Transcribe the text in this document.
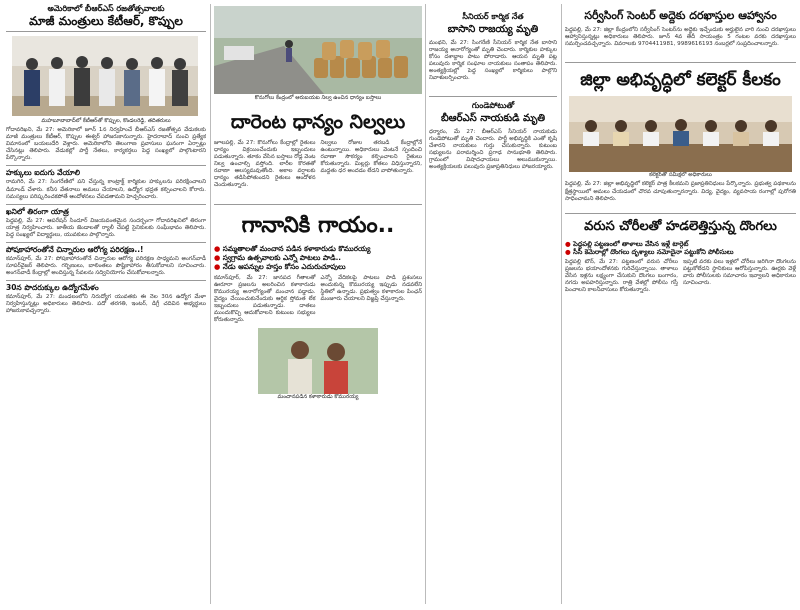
అమెరికాలో బీఆర్ఎస్ రజతోత్సవాలకు
మాజీ మంత్రులు కేటీఆర్, కొప్పుల
మహబూబాబాద్‌లో కేటీఆర్‌తో కొప్పుల, కొండలరెడ్డి, తదితరులు
గోదావరిఖని, మే 27: అమెరికాలో జూన్ 1న నిర్వహించే బీఆర్ఎస్ రజతోత్సవ వేడుకలకు మాజీ మంత్రులు కేటీఆర్, కొప్పుల ఈశ్వర్ హాజరుకానున్నారు. హైదరాబాద్ నుంచి ప్రత్యేక విమానంలో బయలుదేరి వెళ్లారు. అమెరికాలోని తెలంగాణ ప్రవాసులు ఘనంగా ఏర్పాట్లు చేసినట్లు తెలిపారు. వేడుకల్లో పార్టీ నేతలు, కార్యకర్తలు పెద్ద సంఖ్యలో పాల్గొంటారని పేర్కొన్నారు.
హక్కులు ఐదుగు వేయాలి
రామగిరి, మే 27: సింగరేణిలో పని చేస్తున్న కాంట్రాక్ట్ కార్మికుల హక్కులను పరిరక్షించాలని డిమాండ్ చేశారు. కనీస వేతనాలు అమలు చేయాలని, ఉద్యోగ భద్రత కల్పించాలని కోరారు. సమస్యలు పరిష్కరించకపోతే ఆందోళనలు చేపడతామని హెచ్చరించారు.
ఖనిలో తిరంగా యాత్ర
పెద్దపల్లి, మే 27: ఆపరేషన్ సిందూర్ విజయవంతమైన సందర్భంగా గోదావరిఖనిలో తిరంగా యాత్ర నిర్వహించారు. జాతీయ జెండాలతో ర్యాలీ చేపట్టి సైనికులకు సంఘీభావం తెలిపారు. పెద్ద సంఖ్యలో విద్యార్థులు, యువకులు పాల్గొన్నారు.
పోషకాహారంతోనే చిన్నారుల ఆరోగ్య పరిరక్షణ..!
కమాన్‌పూర్, మే 27: పోషకాహారంతోనే చిన్నారుల ఆరోగ్య పరిరక్షణ సాధ్యమని అంగన్‌వాడీ సూపర్‌వైజర్ తెలిపారు. గర్భిణులు, బాలింతలు పౌష్టికాహారం తీసుకోవాలని సూచించారు. అంగన్‌వాడీ కేంద్రాల్లో అందిస్తున్న సేవలను సద్వినియోగం చేసుకోవాలన్నారు.
30న పొదరుక్కుల ఉద్యోగమేళం
కమాన్‌పూర్, మే 27: మండలంలోని నిరుద్యోగ యువతకు ఈ నెల 30న ఉద్యోగ మేళా నిర్వహిస్తున్నట్లు అధికారులు తెలిపారు. పదో తరగతి, ఇంటర్, డిగ్రీ చదివిన అభ్యర్థులు హాజరుకావచ్చన్నారు.
కొనుగోలు కేంద్రంలో ఆరుబయట నిల్వ ఉంచిన ధాన్యం బస్తాలు
దారెంట ధాన్యం నిల్వలు
జూలపల్లి, మే 27: కొనుగోలు కేంద్రాల్లో రైతులు ధాన్యం విక్రయించేందుకు ఇబ్బందులు పడుతున్నారు. తూకం వేసిన బస్తాలు రోడ్ల వెంట నిల్వ ఉంచాల్సి వస్తోంది. లారీల కొరతతో రవాణా ఆలస్యమవుతోంది. అకాల వర్షాలకు ధాన్యం తడిసిపోతుందని రైతులు ఆందోళన చెందుతున్నారు.
నిల్వలు రోజుల తరబడి కేంద్రాల్లోనే ఉంటున్నాయి. అధికారులు వెంటనే స్పందించి రవాణా సౌకర్యం కల్పించాలని రైతులు కోరుతున్నారు. మిల్లర్లు కోతలు విధిస్తున్నారని, మద్దతు ధర అందడం లేదని వాపోతున్నారు.
గానానికి గాయం..
● సమ్మతాలతో మంచాన పడిన కళాకారుడు కొమురయ్య
● స్వగ్రామ ఉత్సవాలకు ఎన్నో పాటలు పాడి..
● నేడు ఆపన్నుల హస్తం కోసం ఎదురుచూపులు
కమాన్‌పూర్, మే 27: జానపద గీతాలతో ఊరూరా ప్రజలను అలరించిన కళాకారుడు కొమురయ్య అనారోగ్యంతో మంచాన పడ్డాడు. వైద్యం చేయించుకునేందుకు ఆర్థిక స్తోమత లేక ఇబ్బందులు పడుతున్నాడు. దాతలు ముందుకొచ్చి ఆదుకోవాలని కుటుంబ సభ్యులు కోరుతున్నారు.
ఎన్నో వేదికలపై పాటలు పాడి ప్రశంసలు అందుకున్న కొమురయ్య ఇప్పుడు నడవలేని స్థితిలో ఉన్నాడు. ప్రభుత్వం కళాకారుల పింఛన్ మంజూరు చేయాలని విజ్ఞప్తి చేస్తున్నారు.
మంచానపడిన కళాకారుడు కొమురయ్య
సీనియర్ కార్మిక నేత
బాసాని రాజయ్య మృతి
మంథని, మే 27: సింగరేణి సీనియర్ కార్మిక నేత బాసాని రాజయ్య అనారోగ్యంతో మృతి చెందారు. కార్మికుల హక్కుల కోసం దశాబ్దాల పాటు పోరాడారు. ఆయన మృతి పట్ల పలువురు కార్మిక సంఘాల నాయకులు సంతాపం తెలిపారు. అంత్యక్రియల్లో పెద్ద సంఖ్యలో కార్మికులు పాల్గొని నివాళులర్పించారు.
గుండెపోటుతో
బీఆర్ఎస్ నాయకుడి మృతి
ధర్మారం, మే 27: బీఆర్ఎస్ సీనియర్ నాయకుడు గుండెపోటుతో మృతి చెందారు. పార్టీ అభివృద్ధికి ఎంతో కృషి చేశారని నాయకులు గుర్తు చేసుకున్నారు. కుటుంబ సభ్యులను పరామర్శించి ప్రగాఢ సానుభూతి తెలిపారు. గ్రామంలో విషాదఛాయలు అలుముకున్నాయి. అంత్యక్రియలకు పలువురు ప్రజాప్రతినిధులు హాజరయ్యారు.
సర్వీసింగ్ సెంటర్ అద్దెకు దరఖాస్తుల ఆహ్వానం
పెద్దపల్లి, మే 27: జిల్లా కేంద్రంలోని సర్వీసింగ్ సెంటర్‌ను అద్దెకు ఇచ్చేందుకు అర్హులైన వారి నుంచి దరఖాస్తులు ఆహ్వానిస్తున్నట్లు అధికారులు తెలిపారు. జూన్ 4వ తేదీ సాయంత్రం 5 గంటల వరకు దరఖాస్తులు సమర్పించవచ్చన్నారు. వివరాలకు 9704411981, 9989616193 నంబర్లలో సంప్రదించాలన్నారు.
జిల్లా అభివృద్ధిలో కలెక్టర్ కీలకం
కలెక్టర్‌తో సమీక్షలో అధికారులు
పెద్దపల్లి, మే 27: జిల్లా అభివృద్ధిలో కలెక్టర్ పాత్ర కీలకమని ప్రజాప్రతినిధులు పేర్కొన్నారు. ప్రభుత్వ పథకాలను క్షేత్రస్థాయిలో అమలు చేయడంలో చొరవ చూపుతున్నారన్నారు. విద్య, వైద్యం, వ్యవసాయ రంగాల్లో పురోగతి సాధించామని తెలిపారు.
వరుస చోరీలతో హడలెత్తిస్తున్న దొంగలు
● పెద్దపల్లి పట్టణంలో తాళాలు వేసిన ఇళ్లే టార్గెట్
● సీసీ కెమెరాల్లో దొంగలు దృశ్యాలు నమోదైనా పట్టుకోని పోలీసులు
పెద్దపల్లి టౌన్, మే 27: పట్టణంలో వరుస చోరీలు ప్రజలను భయాందోళనకు గురిచేస్తున్నాయి. తాళాలు వేసిన ఇళ్లను లక్ష్యంగా చేసుకుని దొంగలు బంగారం, నగదు అపహరిస్తున్నారు. రాత్రి వేళల్లో పోలీసు గస్తీ పెంచాలని కాలనీవాసులు కోరుతున్నారు.
ఇప్పటి వరకు పలు ఇళ్లలో చోరీలు జరిగినా దొంగలను పట్టుకోలేదని స్థానికులు ఆరోపిస్తున్నారు. ఊర్లకు వెళ్లే వారు పోలీసులకు సమాచారం ఇవ్వాలని అధికారులు సూచించారు.
